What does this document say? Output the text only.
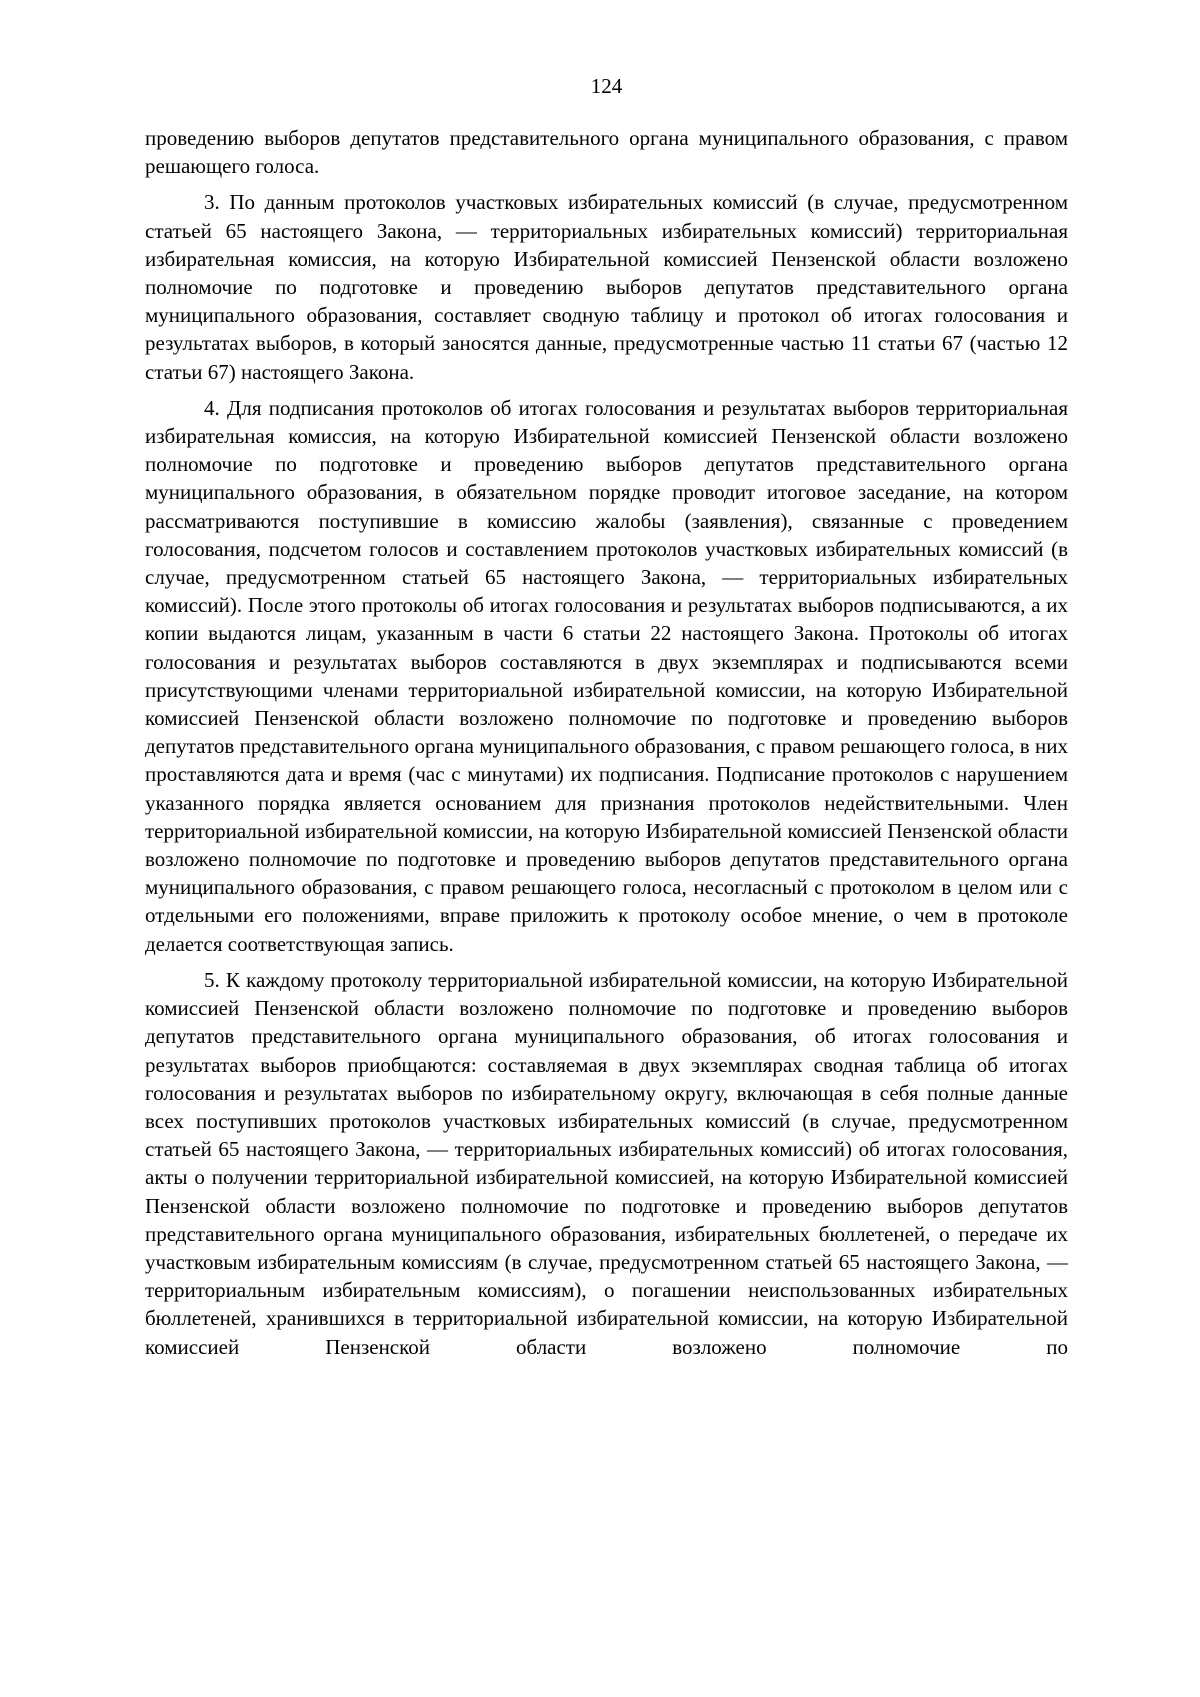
124

проведению выборов депутатов представительного органа муниципального образования, с правом решающего голоса.

3. По данным протоколов участковых избирательных комиссий (в случае, предусмотренном статьей 65 настоящего Закона, — территориальных избирательных комиссий) территориальная избирательная комиссия, на которую Избирательной комиссией Пензенской области возложено полномочие по подготовке и проведению выборов депутатов представительного органа муниципального образования, составляет сводную таблицу и протокол об итогах голосования и результатах выборов, в который заносятся данные, предусмотренные частью 11 статьи 67 (частью 12 статьи 67) настоящего Закона.

4. Для подписания протоколов об итогах голосования и результатах выборов территориальная избирательная комиссия, на которую Избирательной комиссией Пензенской области возложено полномочие по подготовке и проведению выборов депутатов представительного органа муниципального образования, в обязательном порядке проводит итоговое заседание, на котором рассматриваются поступившие в комиссию жалобы (заявления), связанные с проведением голосования, подсчетом голосов и составлением протоколов участковых избирательных комиссий (в случае, предусмотренном статьей 65 настоящего Закона, — территориальных избирательных комиссий). После этого протоколы об итогах голосования и результатах выборов подписываются, а их копии выдаются лицам, указанным в части 6 статьи 22 настоящего Закона. Протоколы об итогах голосования и результатах выборов составляются в двух экземплярах и подписываются всеми присутствующими членами территориальной избирательной комиссии, на которую Избирательной комиссией Пензенской области возложено полномочие по подготовке и проведению выборов депутатов представительного органа муниципального образования, с правом решающего голоса, в них проставляются дата и время (час с минутами) их подписания. Подписание протоколов с нарушением указанного порядка является основанием для признания протоколов недействительными. Член территориальной избирательной комиссии, на которую Избирательной комиссией Пензенской области возложено полномочие по подготовке и проведению выборов депутатов представительного органа муниципального образования, с правом решающего голоса, несогласный с протоколом в целом или с отдельными его положениями, вправе приложить к протоколу особое мнение, о чем в протоколе делается соответствующая запись.

5. К каждому протоколу территориальной избирательной комиссии, на которую Избирательной комиссией Пензенской области возложено полномочие по подготовке и проведению выборов депутатов представительного органа муниципального образования, об итогах голосования и результатах выборов приобщаются: составляемая в двух экземплярах сводная таблица об итогах голосования и результатах выборов по избирательному округу, включающая в себя полные данные всех поступивших протоколов участковых избирательных комиссий (в случае, предусмотренном статьей 65 настоящего Закона, — территориальных избирательных комиссий) об итогах голосования, акты о получении территориальной избирательной комиссией, на которую Избирательной комиссией Пензенской области возложено полномочие по подготовке и проведению выборов депутатов представительного органа муниципального образования, избирательных бюллетеней, о передаче их участковым избирательным комиссиям (в случае, предусмотренном статьей 65 настоящего Закона, — территориальным избирательным комиссиям), о погашении неиспользованных избирательных бюллетеней, хранившихся в территориальной избирательной комиссии, на которую Избирательной комиссией Пензенской области возложено полномочие по
